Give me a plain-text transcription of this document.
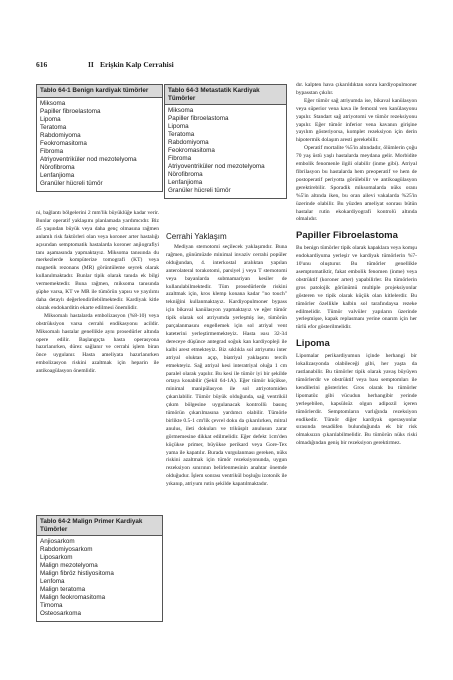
616	II Erişkin Kalp Cerrahisi
Tablo 64-1 Benign kardiyak tümörler
Miksoma
Papiller fibroelastoma
Lipoma
Teratoma
Rabdomiyoma
Feokromasitoma
Fibroma
Atriyoventriküler nod mezotelyoma
Nörofibroma
Lenfanjioma
Granüler hücreli tümör
Tablo 64-3 Metastatik Kardiyak Tümörler
Miksoma
Papiller fibroelastoma
Lipoma
Teratoma
Rabdomiyoma
Feokromasitoma
Fibroma
Atriyoventriküler nod mezotelyoma
Nörofibroma
Lenfanjioma
Granüler hücreli tümör

ni, bağlantı bölgelerini 2 mm'lik büyüklüğe kadar verir. Bunlar operatif yaklaşımı planlamada yardımcıdır. Biz 45 yaşından büyük veya daha genç olmasına rağmen anlamlı risk faktörleri olan veya koroner arter hastalığı açısından semptomatik hastalarda koroner anjiografiyi tanı aşamasında yapmaktayız. Miksoma tanısında du merkezlerde kompüterize tomografi (KT) veya magnetik rezonans (MR) görüntüleme seyrek olarak kullanılmaktadır. Bunlar tipik olarak tanıda ek bilgi vermemektedir. Buna rağmen, miksoma tanısında şüphe varsa, KT ve MR ile tümörün yapısı ve yayılımı daha detaylı değerlendirilebilmektedir. Kardiyak kitle olarak endokarditin ekarte edilmesi önemlidir.

Miksomalı hastalarda embolizasyon (%8-10) veya obstrüksiyon varsa cerrahi endikasyonu acildir. Miksomalı hastalar genellikle aynı prosedürler altında opere edilir. Başlangıçta hasta operasyona hazırlanırken, dürez sağlanır ve cerrahi işlem biran önce uygulanır. Hasta ameliyata hazırlanırken embolizasyon riskini azaltmak için heparin ile antikoagülasyon önemlidir.

Tablo 64-2 Malign Primer Kardiyak Tümörler
Anjiosarkom
Rabdomiyosarkom
Liposarkom
Malign mezotelyoma
Malign fibröz histiyositoma
Lenfoma
Malign teratoma
Malign feokromasitoma
Timoma
Osteosarkoma
Cerrahi Yaklaşım

Mediyan sternotomi seçilecek yaklaşımdır. Buna rağmen, günümüzde minimal invaziv cerrahi popüler olduğundan, 4. interkostal aralıktan yapılan anterolateral torakotomi, parsiyel j veya T sternotomi veya bayanlarda submamariyan kesiler de kullanılabilmektedir. Tüm prosedürlerde riskini azaltmak için, kros klemp konana kadar "no touch" tekniğini kullanmaktayız. Kardiyopulmoner bypass için bikaval kanülasyon yapmaktayız ve eğer tümör tipik olarak sol atriyumda yerleşmiş ise, tümörün parçalanmasını engellemek için sol atriyal vent kateterini yerleştirmemekteyiz. Hasta ısısı 32-34 dereceye düşünce antegrad soğuk kan kardiyopleji ile kalbi arest etmekteyiz. Biz sıklıkla sol atriyumu inter atriyal oluktan açıp, biatriyal yaklaşımı tercih etmekteyiz. Sağ atriyal kesi interatriyal oluğa 1 cm paralel olarak yapılır. Bu kesi ile tümör iyi bir şekilde ortaya konabilir (Şekil 64-1A). Eğer tümör küçükse, minimal manipülasyon ile sol atriyotomiden çıkarılabilir. Tümör büyük olduğunda, sağ ventrikül çıkım bölgesine uygulanacak kontrollü basınç tümörün çıkarılmasına yardımcı olabilir. Tümörle birlikte 0.5-1 cm'lik çevrel doku da çıkarılırken, mitral anulus, ileti dokuları ve triküspit anulusun zarar görmemesine dikkat edilmelidir. Eğer defekt 1cm'den küçükse primer, büyükse perikard veya Gore-Tex yama ile kapatılır. Burada vurgulanması gereken, nüks riskini azaltmak için tümör rezeksiyonunda, uygun rezeksiyon sınırının belirlenmesinin anahtar önemde olduğudur. İşlem sonrası ventrikül boşluğu izotonik ile yıkanıp, atriyum rutin şekilde kapatılmaktadır.

dır. kalpten hava çıkarıldıktan sonra kardiyopulmoner bypasstan çıkılır.

Eğer tümör sağ atriyumda ise, bikaval kanülasyon veya süperior vena kava ile femoral ven kanülasyonu yapılır. Standart sağ atriyotomi ve tümör rezeksiyonu yapılır. Eğer tümör inferior vena kavanın girişine yayılım gösteriyorsa, komplet rezeksiyon için derin hipotermik dolaşım aresti gerekebilir.

Operatif mortalite %5'in altındadır, ölümlerin çoğu 70 yaş üstü yaşlı hastalarda meydana gelir. Morbidite embolik fenomenle ilgili olabilir (inme gibi). Atriyal fibrilasyon bu hastalarda hem preoperatif ve hem de postoperatif periyotta görülebilir ve antikoagülasyon gerektirebilir. Sporadik miksomalarda nüks oranı %5'in altında iken, bu oran ailevi vakalarda %25'in üzerinde olabilir. Bu yüzden ameliyat sonrası bütün hastalar rutin ekokardiyografi kontrolü altında olmalıdır.

Papiller Fibroelastoma

Bu benign tümörler tipik olarak kapaklara veya komşu endokardiyuma yerleşir ve kardiyak tümörlerin %7-10'unu oluşturur. Bu tümörler genellikle asemptomatiktir, fakat embolik fenomen (inme) veya obstrüktif (koroner arter) yapabilirler. Bu tümörlerin gros patolojik görünümü multiple projeksiyonlar gösteren ve tipik olarak küçük olan kitlelerdir. Bu tümörler özellikle kalbin sol tarafındaysa rezeke edilmelidir. Tümör valvüler yapıların üzerinde yerleşmişse, kapak replasmanı yerine onarım için her türlü efor gösterilmelidir.

Lipoma

Lipomalar perikardiyumun içinde herhangi bir lokalizasyonda olabileceği gibi, her yaşta da rastlanabilir. Bu tümörler tipik olarak yavaş büyüyen tümörlerdir ve obstrüktif veya bası semptomları ile kendilerini gösterirler. Gros olarak bu tümörler lipomatöz gibi vücudun herhangibir yerinde yerleşebilen, kapsülsüz olgun adipozil içeren tümörlerdir. Semptomların varlığında rezeksiyon endikedir. Tümör diğer kardiyak operasyonlar sırasında tesadüfen bulunduğunda ek bir risk olmaksızın çıkarılabilmelidir. Bu tümörün nüks riski olmadığından geniş bir rezeksiyon gerektirmez.
